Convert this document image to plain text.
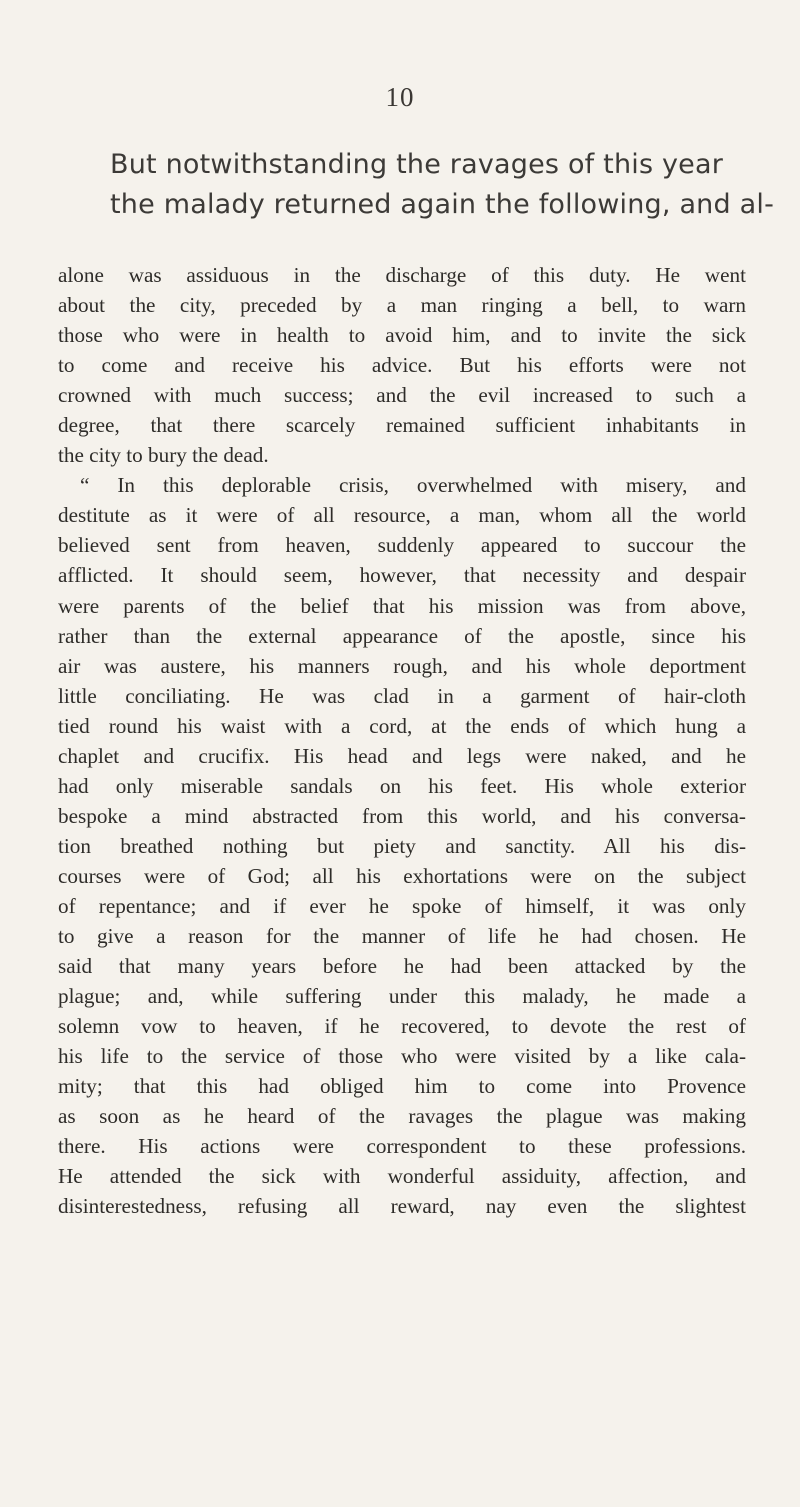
10
But notwithstanding the ravages of this year
the malady returned again the following, and al-
alone was assiduous in the discharge of this duty. He went
about the city, preceded by a man ringing a bell, to warn
those who were in health to avoid him, and to invite the sick
to come and receive his advice. But his efforts were not
crowned with much success; and the evil increased to such a
degree, that there scarcely remained sufficient inhabitants in
the city to bury the dead.
“ In this deplorable crisis, overwhelmed with misery, and
destitute as it were of all resource, a man, whom all the world
believed sent from heaven, suddenly appeared to succour the
afflicted. It should seem, however, that necessity and despair
were parents of the belief that his mission was from above,
rather than the external appearance of the apostle, since his
air was austere, his manners rough, and his whole deportment
little conciliating. He was clad in a garment of hair-cloth
tied round his waist with a cord, at the ends of which hung a
chaplet and crucifix. His head and legs were naked, and he
had only miserable sandals on his feet. His whole exterior
bespoke a mind abstracted from this world, and his conversa-
tion breathed nothing but piety and sanctity. All his dis-
courses were of God; all his exhortations were on the subject
of repentance; and if ever he spoke of himself, it was only
to give a reason for the manner of life he had chosen. He
said that many years before he had been attacked by the
plague; and, while suffering under this malady, he made a
solemn vow to heaven, if he recovered, to devote the rest of
his life to the service of those who were visited by a like cala-
mity; that this had obliged him to come into Provence
as soon as he heard of the ravages the plague was making
there. His actions were correspondent to these professions.
He attended the sick with wonderful assiduity, affection, and
disinterestedness, refusing all reward, nay even the slightest
